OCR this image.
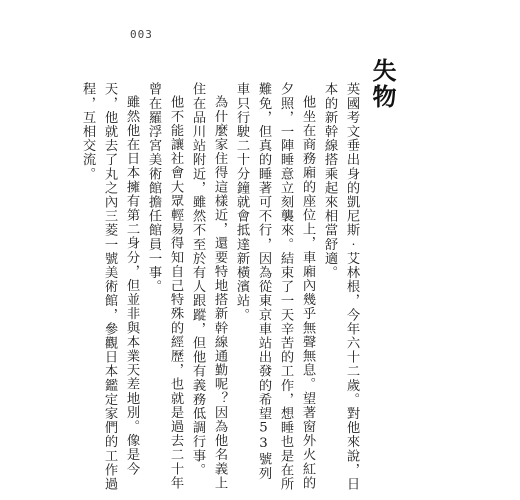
003
失物

英國考文垂出身的凱尼斯‧艾林根，今年六十二歲。對他來說，日本的新幹線搭乘起來相當舒適。

他坐在商務廂的座位上，車廂內幾乎無聲無息。望著窗外火紅的夕照，一陣睡意立刻襲來。結束了一天辛苦的工作，想睡也是在所難免，但真的睡著可不行，因為從東京車站出發的希望53號列車只行駛二十分鐘就會抵達新橫濱站。

為什麼家住得這樣近，還要特地搭新幹線通勤呢？因為他名義上住在品川站附近，雖然不至於有人跟蹤，但他有義務低調行事。

他不能讓社會大眾輕易得知自己特殊的經歷，也就是過去二十年曾在羅浮宮美術館擔任館員一事。

雖然他在日本擁有第二身分，但並非與本業天差地別。像是今天，他就去了丸之內三菱一號美術館，參觀日本鑑定家們的工作過程，互相交流。
